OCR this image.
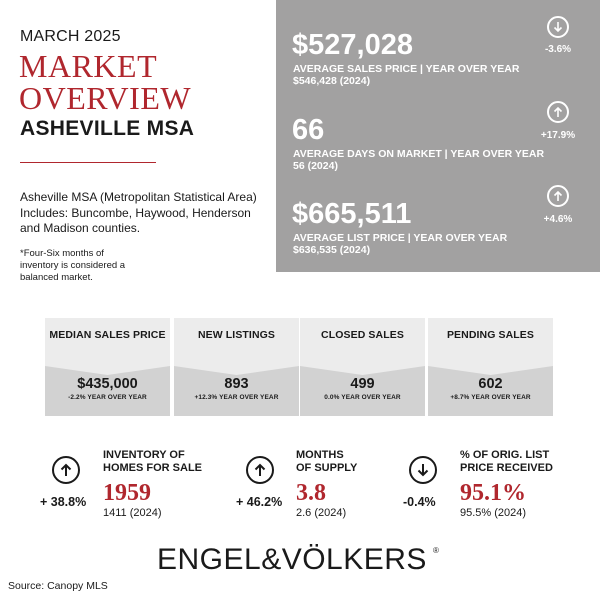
MARCH 2025
MARKET
OVERVIEW
ASHEVILLE MSA
Asheville MSA (Metropolitan Statistical Area) Includes: Buncombe, Haywood, Henderson and Madison counties.
*Four-Six months of inventory is considered a balanced market.
$527,028
AVERAGE SALES PRICE | YEAR OVER YEAR
$546,428 (2024)
-3.6%
66
AVERAGE DAYS ON MARKET | YEAR OVER YEAR
56 (2024)
+17.9%
$665,511
AVERAGE LIST PRICE | YEAR OVER YEAR
$636,535 (2024)
+4.6%
MEDIAN SALES PRICE
$435,000
-2.2% YEAR OVER YEAR
NEW LISTINGS
893
+12.3% YEAR OVER YEAR
CLOSED SALES
499
0.0% YEAR OVER YEAR
PENDING SALES
602
+8.7% YEAR OVER YEAR
+ 38.8%
INVENTORY OF
HOMES FOR SALE
1959
1411 (2024)
+ 46.2%
MONTHS
OF SUPPLY
3.8
2.6 (2024)
-0.4%
% OF ORIG. LIST
PRICE RECEIVED
95.1%
95.5% (2024)
ENGEL&VÖLKERS ®
Source: Canopy MLS
